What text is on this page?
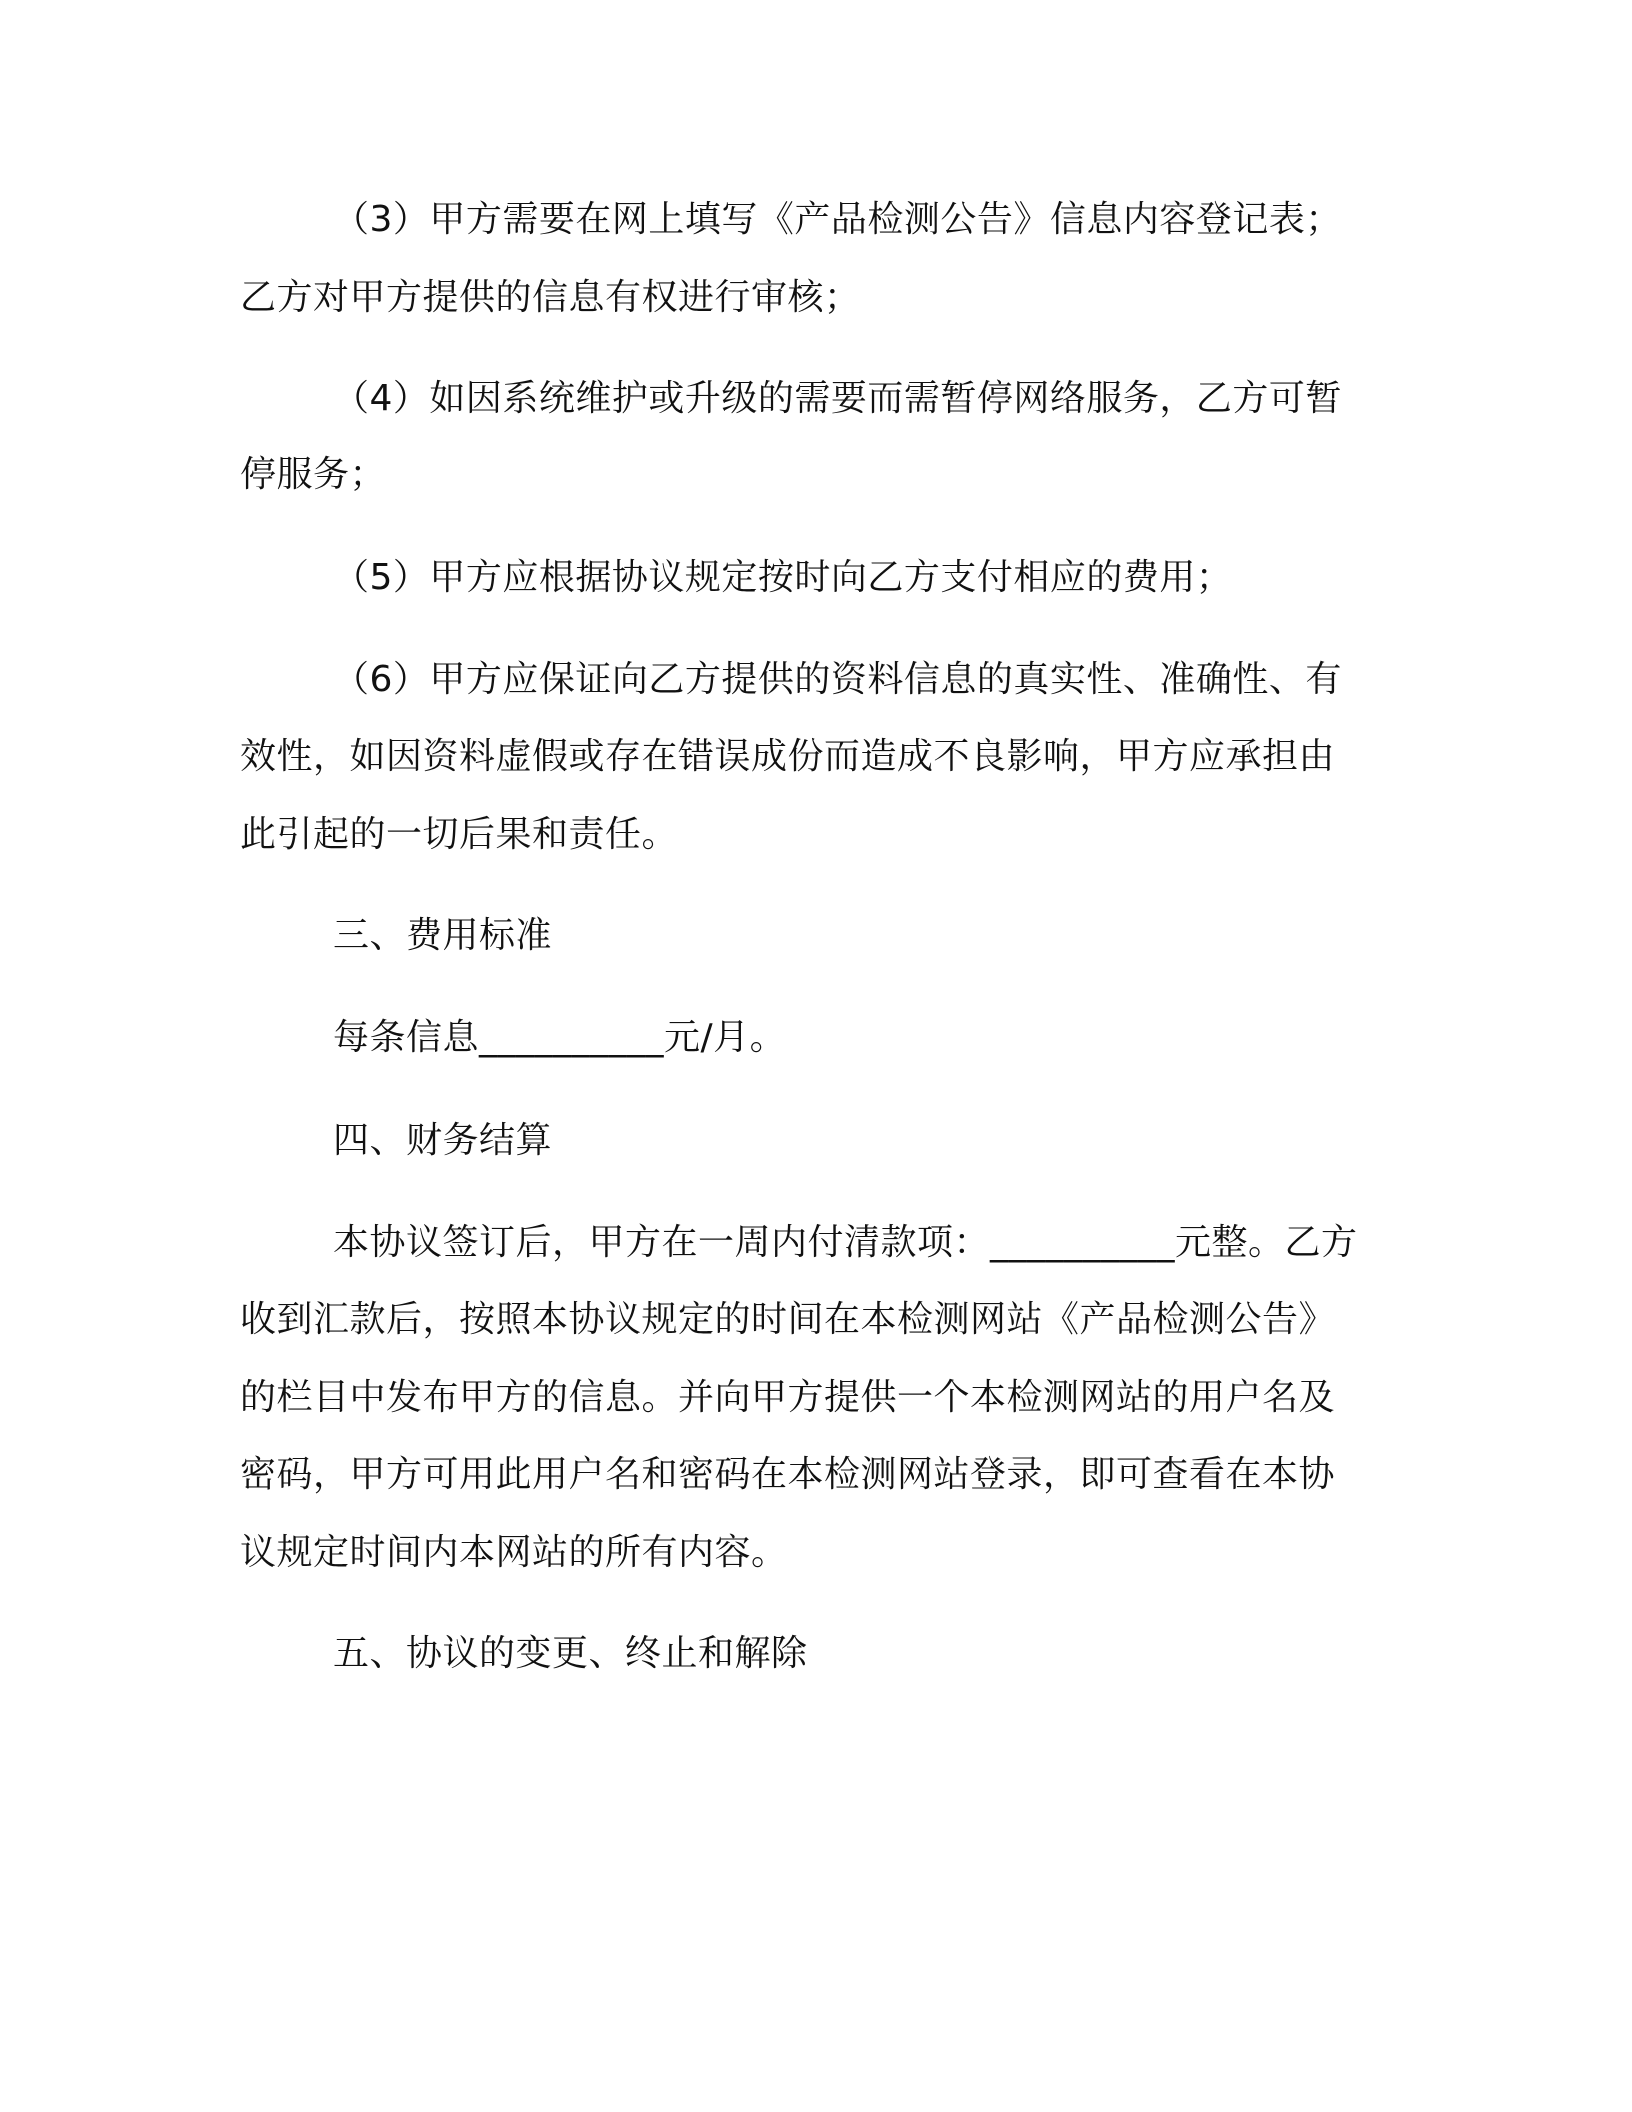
（3）甲方需要在网上填写《产品检测公告》信息内容登记表；
乙方对甲方提供的信息有权进行审核；
（4）如因系统维护或升级的需要而需暂停网络服务，乙方可暂
停服务；
（5）甲方应根据协议规定按时向乙方支付相应的费用；
（6）甲方应保证向乙方提供的资料信息的真实性、准确性、有
效性，如因资料虚假或存在错误成份而造成不良影响，甲方应承担由
此引起的一切后果和责任。
三、费用标准
每条信息__________元/月。
四、财务结算
本协议签订后，甲方在一周内付清款项：__________元整。乙方
收到汇款后，按照本协议规定的时间在本检测网站《产品检测公告》
的栏目中发布甲方的信息。并向甲方提供一个本检测网站的用户名及
密码，甲方可用此用户名和密码在本检测网站登录，即可查看在本协
议规定时间内本网站的所有内容。
五、协议的变更、终止和解除
